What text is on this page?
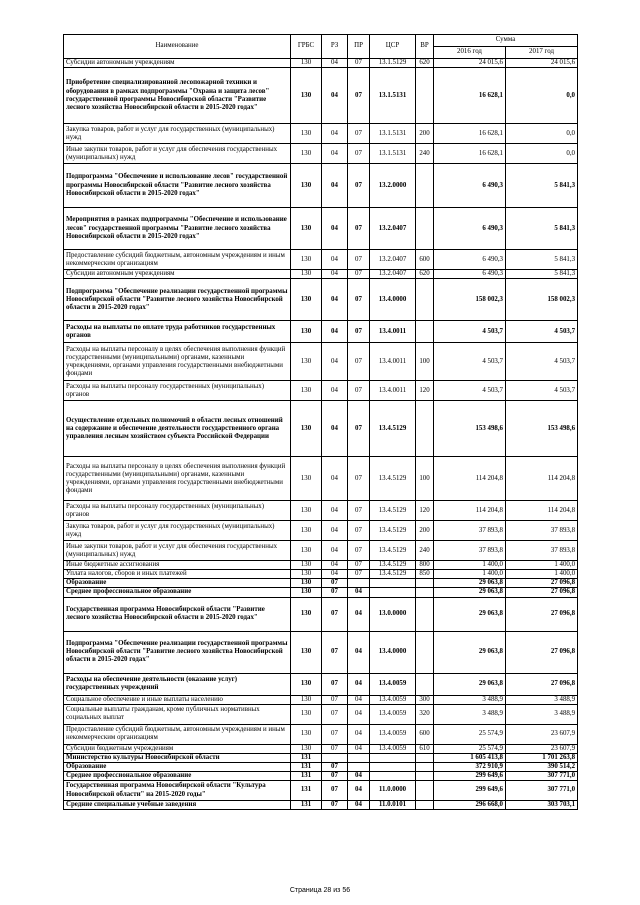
Наименование	ГРБС	РЗ	ПР	ЦСР	ВР	Сумма	
						2016 год	2017 год
Субсидии автономным учреждениям	130	04	07	13.1.5129	620	24 015,6	24 015,6
Приобретение специализированной лесопожарной техники и оборудования в рамках подпрограммы "Охрана и защита лесов" государственной программы Новосибирской области "Развитие лесного хозяйства Новосибирской области в 2015-2020 годах"	130	04	07	13.1.5131		16 628,1	0,0
Закупка товаров, работ и услуг для государственных (муниципальных) нужд	130	04	07	13.1.5131	200	16 628,1	0,0
Иные закупки товаров, работ и услуг для обеспечения государственных (муниципальных) нужд	130	04	07	13.1.5131	240	16 628,1	0,0
Подпрограмма "Обеспечение и использование лесов" государственной программы Новосибирской области "Развитие лесного хозяйства Новосибирской области в 2015-2020 годах"	130	04	07	13.2.0000		6 490,3	5 841,3
Мероприятия в рамках подпрограммы "Обеспечение и использование лесов" государственной программы "Развитие лесного хозяйства Новосибирской области в 2015-2020 годах"	130	04	07	13.2.0407		6 490,3	5 841,3
Предоставление субсидий бюджетным, автономным учреждениям и иным некоммерческим организациям	130	04	07	13.2.0407	600	6 490,3	5 841,3
Субсидии автономным учреждениям	130	04	07	13.2.0407	620	6 490,3	5 841,3
Подпрограмма "Обеспечение реализации государственной программы Новосибирской области "Развитие лесного хозяйства Новосибирской области в 2015-2020 годах"	130	04	07	13.4.0000		158 002,3	158 002,3
Расходы на выплаты по оплате труда работников государственных органов	130	04	07	13.4.0011		4 503,7	4 503,7
Расходы на выплаты персоналу в целях обеспечения выполнения функций государственными (муниципальными) органами, казенными учреждениями, органами управления государственными внебюджетными фондами	130	04	07	13.4.0011	100	4 503,7	4 503,7
Расходы на выплаты персоналу государственных (муниципальных) органов	130	04	07	13.4.0011	120	4 503,7	4 503,7
Осуществление отдельных полномочий в области лесных отношений на содержание и обеспечение деятельности государственного органа управления лесным хозяйством субъекта Российской Федерации	130	04	07	13.4.5129		153 498,6	153 498,6
Расходы на выплаты персоналу в целях обеспечения выполнения функций государственными (муниципальными) органами, казенными учреждениями, органами управления государственными внебюджетными фондами	130	04	07	13.4.5129	100	114 204,8	114 204,8
Расходы на выплаты персоналу государственных (муниципальных) органов	130	04	07	13.4.5129	120	114 204,8	114 204,8
Закупка товаров, работ и услуг для государственных (муниципальных) нужд	130	04	07	13.4.5129	200	37 893,8	37 893,8
Иные закупки товаров, работ и услуг для обеспечения государственных (муниципальных) нужд	130	04	07	13.4.5129	240	37 893,8	37 893,8
Иные бюджетные ассигнования	130	04	07	13.4.5129	800	1 400,0	1 400,0
Уплата налогов, сборов и иных платежей	130	04	07	13.4.5129	850	1 400,0	1 400,0
Образование	130	07				29 063,8	27 096,8
Среднее профессиональное образование	130	07	04			29 063,8	27 096,8
Государственная программа Новосибирской области "Развитие лесного хозяйства Новосибирской области в 2015-2020 годах"	130	07	04	13.0.0000		29 063,8	27 096,8
Подпрограмма "Обеспечение реализации государственной программы Новосибирской области "Развитие лесного хозяйства Новосибирской области в 2015-2020 годах"	130	07	04	13.4.0000		29 063,8	27 096,8
Расходы на обеспечение деятельности (оказание услуг) государственных учреждений	130	07	04	13.4.0059		29 063,8	27 096,8
Социальное обеспечение и иные выплаты населению	130	07	04	13.4.0059	300	3 488,9	3 488,9
Социальные выплаты гражданам, кроме публичных нормативных социальных выплат	130	07	04	13.4.0059	320	3 488,9	3 488,9
Предоставление субсидий бюджетным, автономным учреждениям и иным некоммерческим организациям	130	07	04	13.4.0059	600	25 574,9	23 607,9
Субсидии бюджетным учреждениям	130	07	04	13.4.0059	610	25 574,9	23 607,9
Министерство культуры Новосибирской области	131					1 605 413,8	1 701 263,8
Образование	131	07				372 910,9	390 514,2
Среднее профессиональное образование	131	07	04			299 649,6	307 771,0
Государственная программа Новосибирской области "Культура Новосибирской области" на 2015-2020 годы"	131	07	04	11.0.0000		299 649,6	307 771,0
Средние специальные учебные заведения	131	07	04	11.0.0101		296 668,0	303 703,1
Страница 28 из 56
